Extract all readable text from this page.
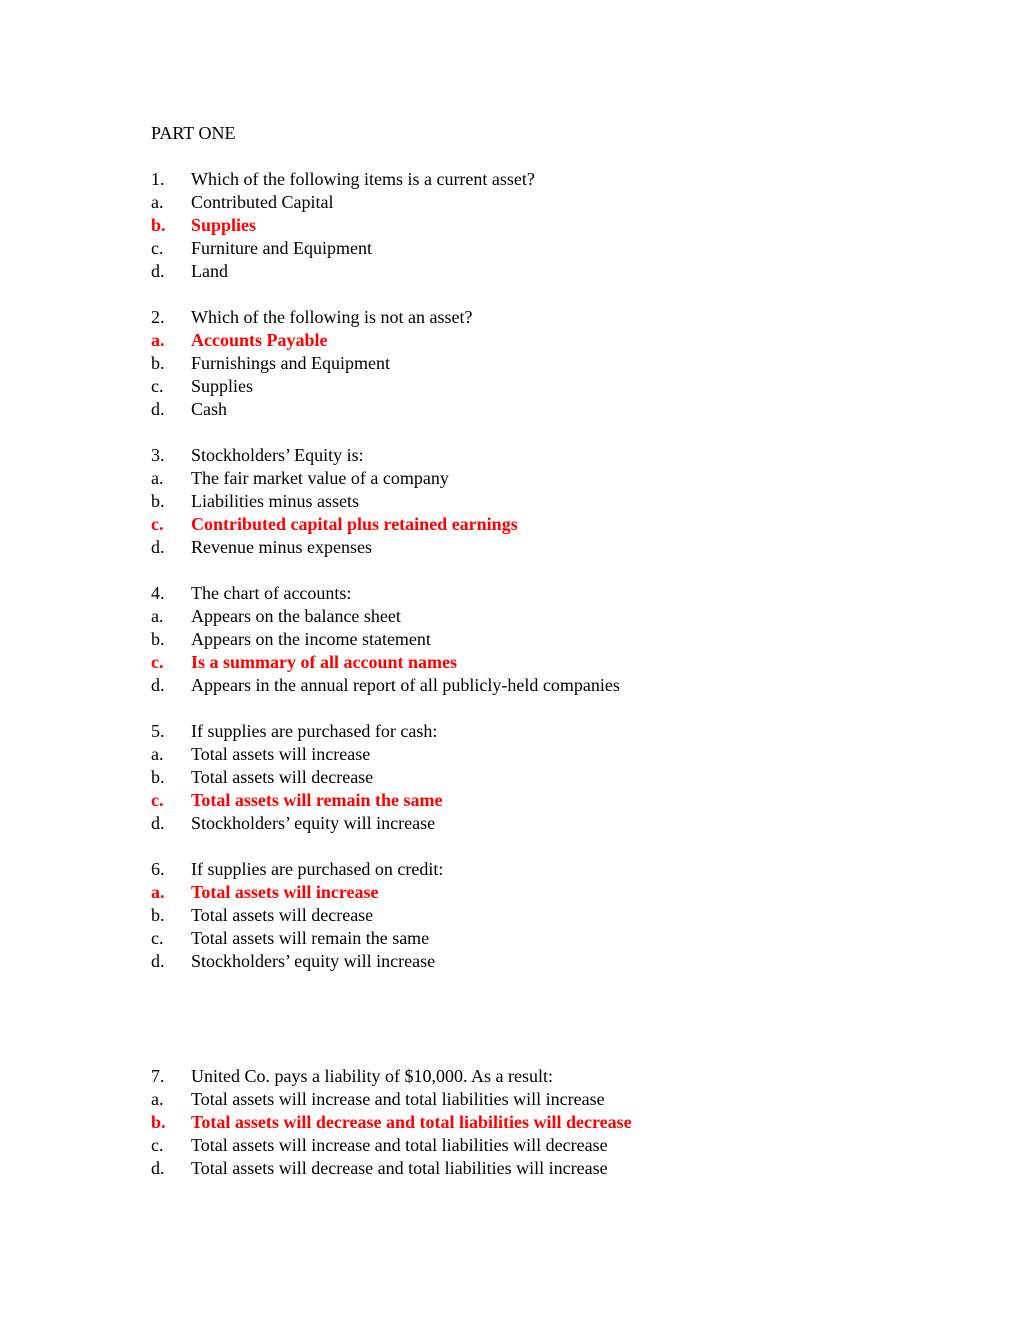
PART ONE
1.	Which of the following items is a current asset?
a.	Contributed Capital
b.	Supplies
c.	Furniture and Equipment
d.	Land
2.	Which of the following is not an asset?
a.	Accounts Payable
b.	Furnishings and Equipment
c.	Supplies
d.	Cash
3.	Stockholders’ Equity is:
a.	The fair market value of a company
b.	Liabilities minus assets
c.	Contributed capital plus retained earnings
d.	Revenue minus expenses
4.	The chart of accounts:
a.	Appears on the balance sheet
b.	Appears on the income statement
c.	Is a summary of all account names
d.	Appears in the annual report of all publicly-held companies
5.	If supplies are purchased for cash:
a.	Total assets will increase
b.	Total assets will decrease
c.	Total assets will remain the same
d.	Stockholders’ equity will increase
6.	If supplies are purchased on credit:
a.	Total assets will increase
b.	Total assets will decrease
c.	Total assets will remain the same
d.	Stockholders’ equity will increase
7.	United Co. pays a liability of $10,000. As a result:
a.	Total assets will increase and total liabilities will increase
b.	Total assets will decrease and total liabilities will decrease
c.	Total assets will increase and total liabilities will decrease
d.	Total assets will decrease and total liabilities will increase
